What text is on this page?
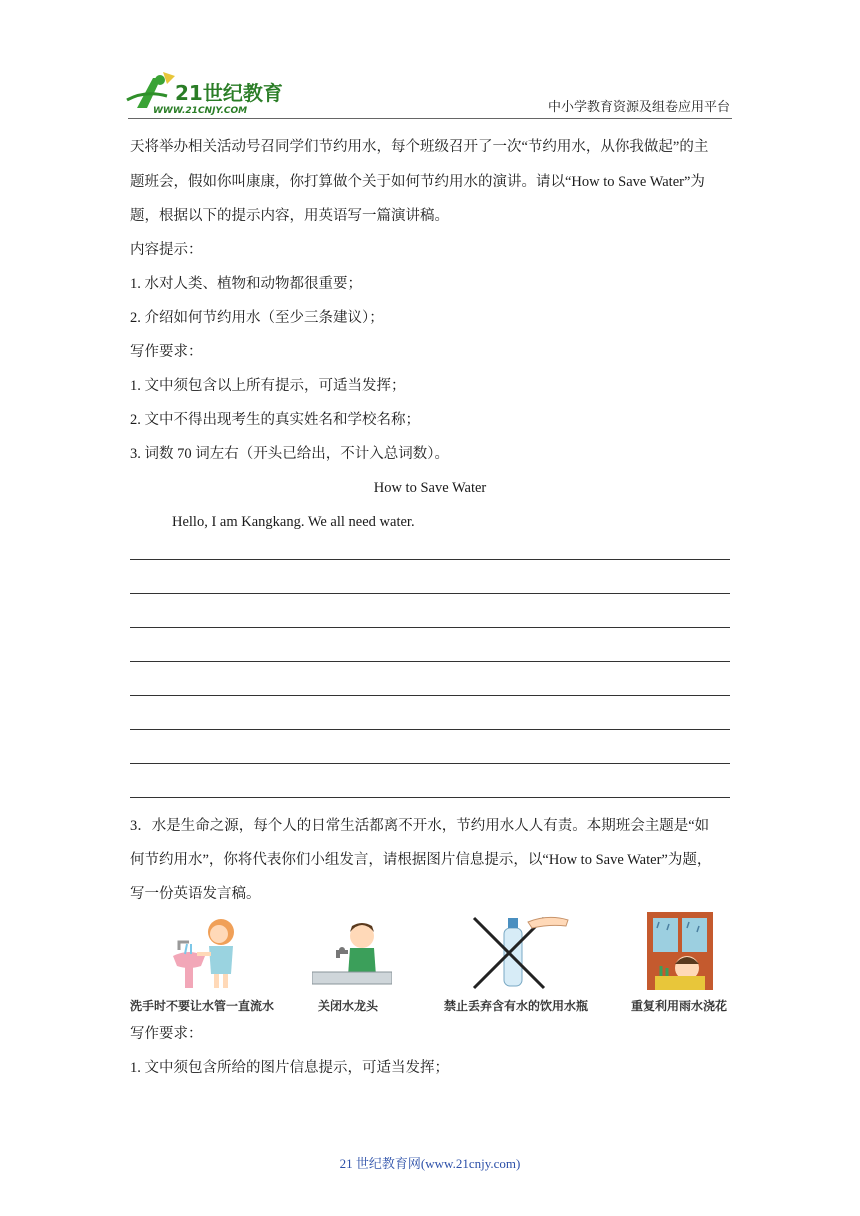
21世纪教育
WWW.21CNJY.COM	中小学教育资源及组卷应用平台
天将举办相关活动号召同学们节约用水，每个班级召开了一次“节约用水，从你我做起”的主
题班会，假如你叫康康，你打算做个关于如何节约用水的演讲。请以“How to Save Water”为
题，根据以下的提示内容，用英语写一篇演讲稿。
内容提示：
1. 水对人类、植物和动物都很重要；
2. 介绍如何节约用水（至少三条建议）；
写作要求：
1. 文中须包含以上所有提示，可适当发挥；
2. 文中不得出现考生的真实姓名和学校名称；
3. 词数 70 词左右（开头已给出，不计入总词数）。
How to Save Water
Hello, I am Kangkang. We all need water.
3．水是生命之源，每个人的日常生活都离不开水，节约用水人人有责。本期班会主题是“如
何节约用水”，你将代表你们小组发言，请根据图片信息提示，以“How to Save Water”为题，
写一份英语发言稿。
洗手时不要让水管一直流水	关闭水龙头	禁止丢弃含有水的饮用水瓶	重复利用雨水浇花
写作要求：
1. 文中须包含所给的图片信息提示，可适当发挥；
21 世纪教育网(www.21cnjy.com)
